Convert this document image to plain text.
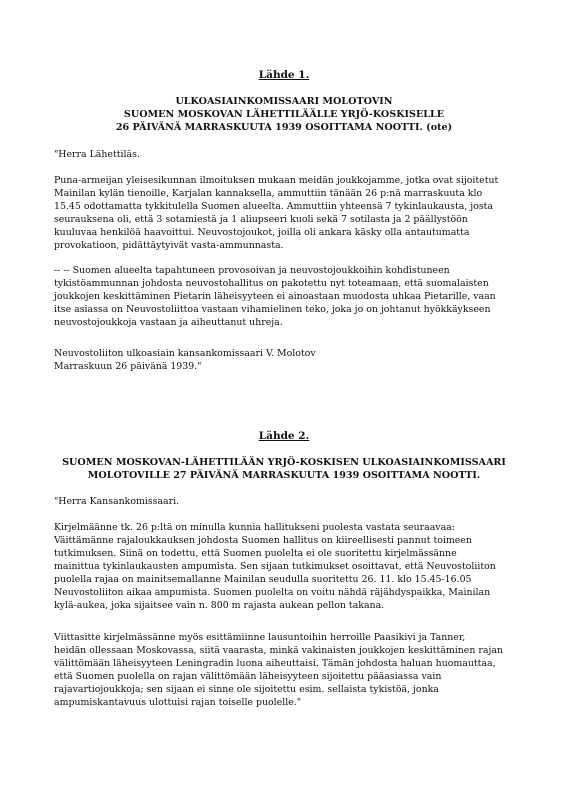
Lähde 1.
ULKOASIAINKOMISSAARI MOLOTOVIN
SUOMEN MOSKOVAN LÄHETTILÄÄLLE YRJÖ-KOSKISELLE
26 PÄIVÄNÄ MARRASKUUTA 1939 OSOITTAMA NOOTTI. (ote)
"Herra Lähettiläs.
Puna-armeijan yleisesikunnan ilmoituksen mukaan meidän joukkojamme, jotka ovat sijoitetut
Mainilan kylän tienoille, Karjalan kannaksella, ammuttiin tänään 26 p:nä marraskuuta klo
15.45 odottamatta tykkitulella Suomen alueelta. Ammuttiin yhteensä 7 tykinlaukausta, josta
seurauksena oli, että 3 sotamiestä ja 1 aliupseeri kuoli sekä 7 sotilasta ja 2 päällystöön
kuuluvaa henkilöä haavoittui. Neuvostojoukot, joilla oli ankara käsky olla antautumatta
provokatioon, pidättäytyivät vasta-ammunnasta.
-- -- Suomen alueelta tapahtuneen provosoivan ja neuvostojoukkoihin kohdistuneen
tykistöammunnan johdosta neuvostohallitus on pakotettu nyt toteamaan, että suomalaisten
joukkojen keskittäminen Pietarin läheisyyteen ei ainoastaan muodosta uhkaa Pietarille, vaan
itse asiassa on Neuvostoliittoa vastaan vihamielinen teko, joka jo on johtanut hyökkäykseen
neuvostojoukkoja vastaan ja aiheuttanut uhreja.
Neuvostoliiton ulkoasiain kansankomissaari V. Molotov
Marraskuun 26 päivänä 1939."
Lähde 2.
SUOMEN MOSKOVAN-LÄHETTILÄÄN YRJÖ-KOSKISEN ULKOASIAINKOMISSAARI
MOLOTOVILLE 27 PÄIVÄNÄ MARRASKUUTA 1939 OSOITTAMA NOOTTI.
"Herra Kansankomissaari.
Kirjelmäänne tk. 26 p:ltä on minulla kunnia hallitukseni puolesta vastata seuraavaa:
Väittämänne rajaloukkauksen johdosta Suomen hallitus on kiireellisesti pannut toimeen
tutkimuksen. Siinä on todettu, että Suomen puolelta ei ole suoritettu kirjelmässänne
mainittua tykinlaukausten ampumista. Sen sijaan tutkimukset osoittavat, että Neuvostoliiton
puolella rajaa on mainitsemallanne Mainilan seudulla suoritettu 26. 11. klo 15.45-16.05
Neuvostoliiton aikaa ampumista. Suomen puolelta on voitu nähdä räjähdyspaikka, Mainilan
kylä-aukea, joka sijaitsee vain n. 800 m rajasta aukean pellon takana.
Viittasitte kirjelmässänne myös esittämiinne lausuntoihin herroille Paasikivi ja Tanner,
heidän ollessaan Moskovassa, siitä vaarasta, minkä vakinaisten joukkojen keskittäminen rajan
välittömään läheisyyteen Leningradin luona aiheuttaisi. Tämän johdosta haluan huomauttaa,
että Suomen puolella on rajan välittömään läheisyyteen sijoitettu pääasiassa vain
rajavartiojoukkoja; sen sijaan ei sinne ole sijoitettu esim. sellaista tykistöä, jonka
ampumiskantavuus ulottuisi rajan toiselle puolelle."
